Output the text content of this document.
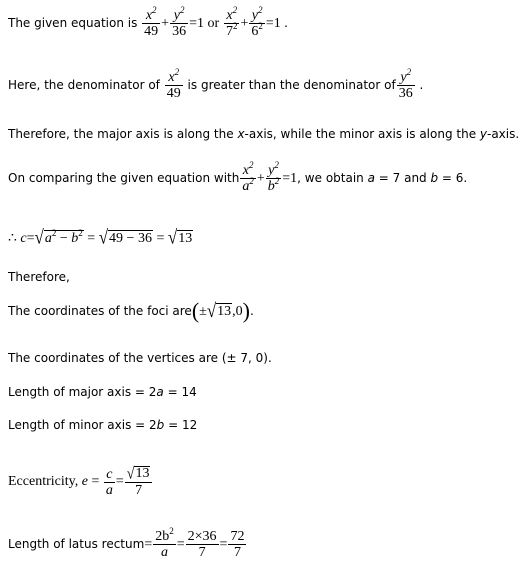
The given equation is $\frac{x^2}{49} + \frac{y^2}{36} =1$ or $\frac{x^2}{7^2} + \frac{y^2}{6^2} =1$ .
Here, the denominator of $\frac{x^2}{49}$ is greater than the denominator of $\frac{y^2}{36}$ .
Therefore, the major axis is along the x-axis, while the minor axis is along the y-axis.
On comparing the given equation with $\frac{x^2}{a^2} + \frac{y^2}{b^2} =1$, we obtain a = 7 and b = 6.
∴ $c=√a^2 - b^2 = √49 - 36 = √13$
Therefore,
The coordinates of the foci are(±√13,0).
The coordinates of the vertices are (± 7, 0).
Length of major axis = 2a = 14
Length of minor axis = 2b = 12
Eccentricity, $e = \frac{c}{a} = \frac{√13}{7}$
Length of latus rectum= $\frac{2b^2}{a} = \frac{2\times 36}{7} = \frac{72}{7}$
